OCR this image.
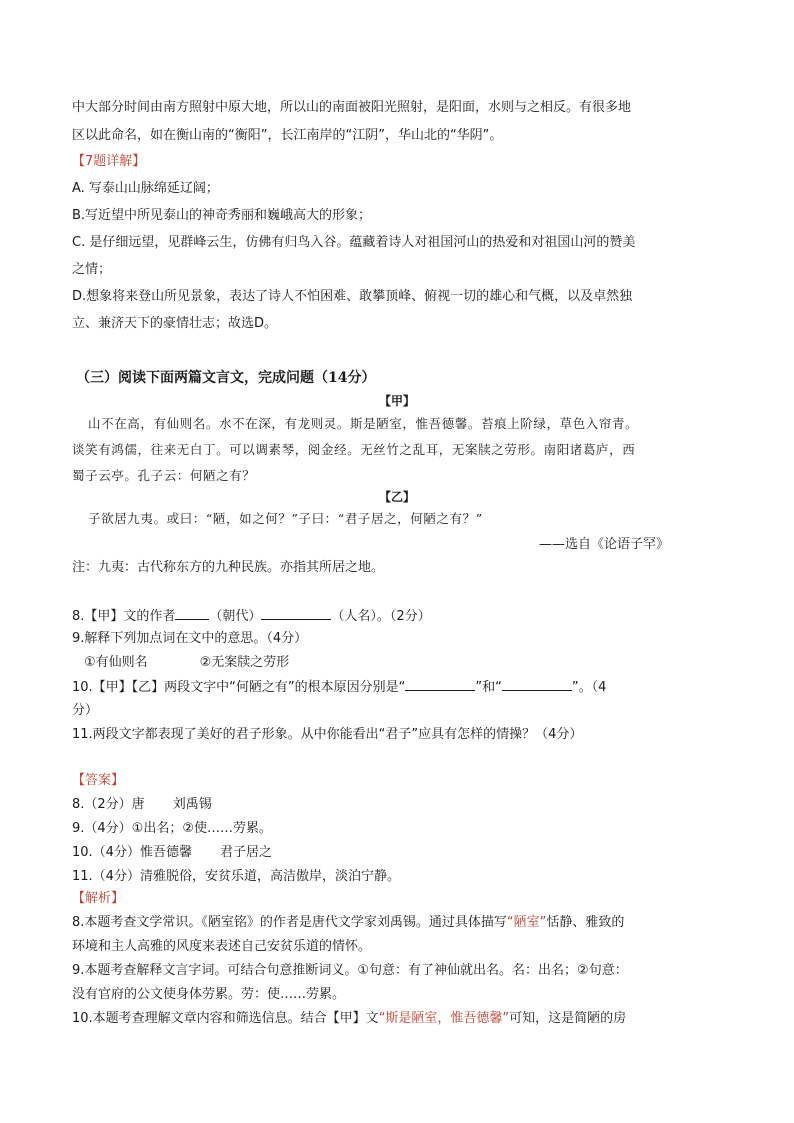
中大部分时间由南方照射中原大地，所以山的南面被阳光照射，是阳面，水则与之相反。有很多地
区以此命名，如在衡山南的“衡阳”，长江南岸的“江阴”，华山北的“华阴”。
【7题详解】
A. 写泰山山脉绵延辽阔；
B.写近望中所见泰山的神奇秀丽和巍峨高大的形象；
C. 是仔细远望，见群峰云生，仿佛有归鸟入谷。蕴藏着诗人对祖国河山的热爱和对祖国山河的赞美
之情；
D.想象将来登山所见景象，表达了诗人不怕困难、敢攀顶峰、俯视一切的雄心和气概，以及卓然独
立、兼济天下的豪情壮志；故选D。
（三）阅读下面两篇文言文，完成问题（14分）
【甲】
山不在高，有仙则名。水不在深，有龙则灵。斯是陋室，惟吾德馨。苔痕上阶绿，草色入帘青。
谈笑有鸿儒，往来无白丁。可以调素琴，阅金经。无丝竹之乱耳，无案牍之劳形。南阳诸葛庐，西
蜀子云亭。孔子云：何陋之有？
【乙】
子欲居九夷。或曰：“陋，如之何？”子曰：“君子居之，何陋之有？”
——选自《论语子罕》
注：九夷：古代称东方的九种民族。亦指其所居之地。
8.【甲】文的作者	（朝代）	（人名）。（2分）
9.解释下列加点词在文中的意思。（4分）
①有仙则名	②无案牍之劳形
10.【甲】【乙】两段文字中“何陋之有”的根本原因分别是“	”和“	”。（4
分）
11.两段文字都表现了美好的君子形象。从中你能看出“君子”应具有怎样的情操？（4分）
【答案】
8.（2分）唐 刘禹锡
9.（4分）①出名；②使……劳累。
10.（4分）惟吾德馨 君子居之
11.（4分）清雅脱俗，安贫乐道，高洁傲岸，淡泊宁静。
【解析】
8.本题考查文学常识。《陋室铭》的作者是唐代文学家刘禹锡。通过具体描写“陋室”恬静、雅致的
环境和主人高雅的风度来表述自己安贫乐道的情怀。
9.本题考查解释文言字词。可结合句意推断词义。①句意：有了神仙就出名。名：出名；②句意：
没有官府的公文使身体劳累。劳：使……劳累。
10.本题考查理解文章内容和筛选信息。结合【甲】文“斯是陋室，惟吾德馨”可知，这是简陋的房
